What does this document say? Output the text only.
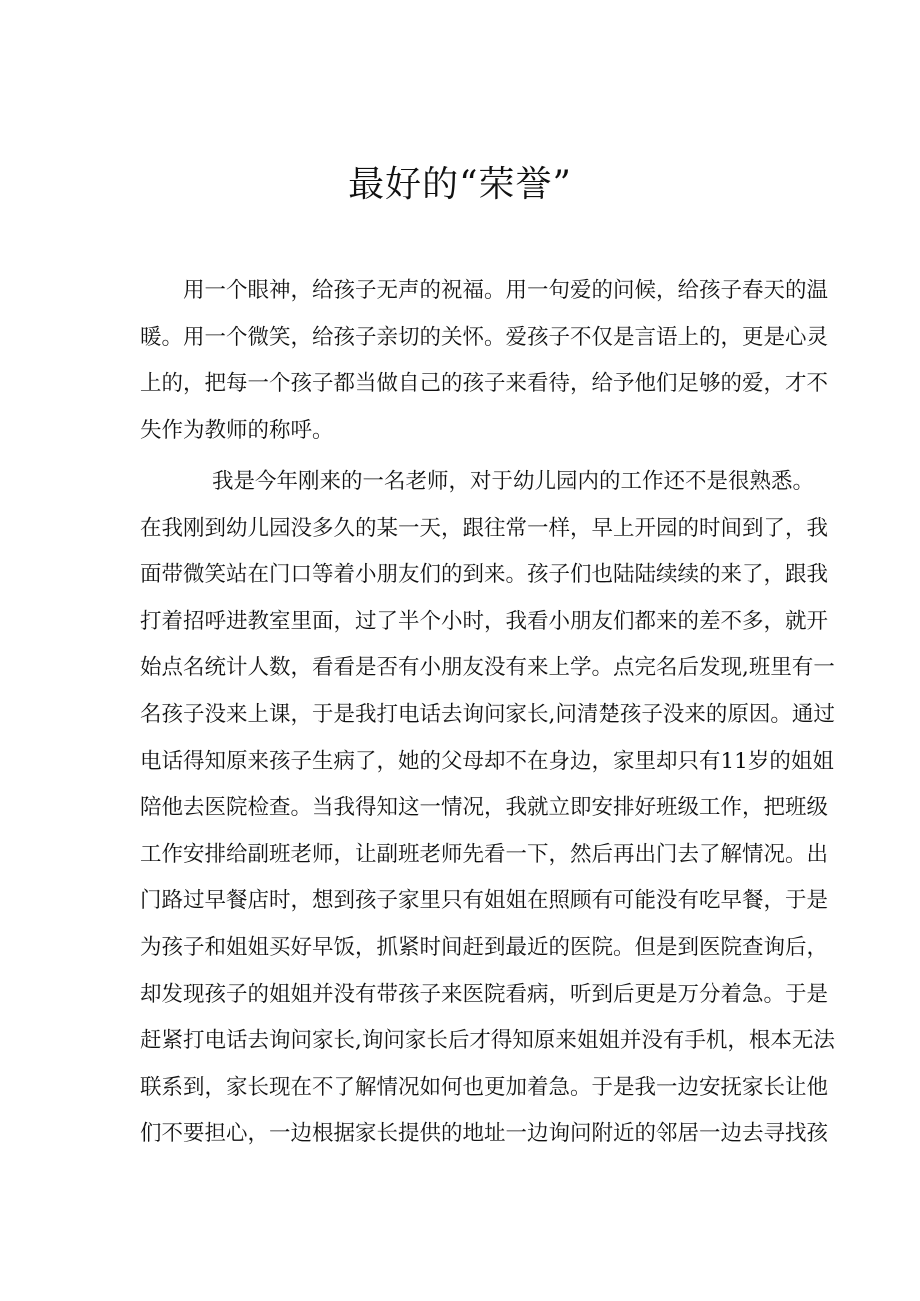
最好的“荣誉”
用一个眼神，给孩子无声的祝福。用一句爱的问候，给孩子春天的温
暖。用一个微笑，给孩子亲切的关怀。爱孩子不仅是言语上的，更是心灵
上的，把每一个孩子都当做自己的孩子来看待，给予他们足够的爱，才不
失作为教师的称呼。
我是今年刚来的一名老师，对于幼儿园内的工作还不是很熟悉。
在我刚到幼儿园没多久的某一天，跟往常一样，早上开园的时间到了，我
面带微笑站在门口等着小朋友们的到来。孩子们也陆陆续续的来了，跟我
打着招呼进教室里面，过了半个小时，我看小朋友们都来的差不多，就开
始点名统计人数，看看是否有小朋友没有来上学。点完名后发现,班里有一
名孩子没来上课，于是我打电话去询问家长,问清楚孩子没来的原因。通过
电话得知原来孩子生病了，她的父母却不在身边，家里却只有11岁的姐姐
陪他去医院检查。当我得知这一情况，我就立即安排好班级工作，把班级
工作安排给副班老师，让副班老师先看一下，然后再出门去了解情况。出
门路过早餐店时，想到孩子家里只有姐姐在照顾有可能没有吃早餐，于是
为孩子和姐姐买好早饭，抓紧时间赶到最近的医院。但是到医院查询后，
却发现孩子的姐姐并没有带孩子来医院看病，听到后更是万分着急。于是
赶紧打电话去询问家长,询问家长后才得知原来姐姐并没有手机，根本无法
联系到，家长现在不了解情况如何也更加着急。于是我一边安抚家长让他
们不要担心，一边根据家长提供的地址一边询问附近的邻居一边去寻找孩
